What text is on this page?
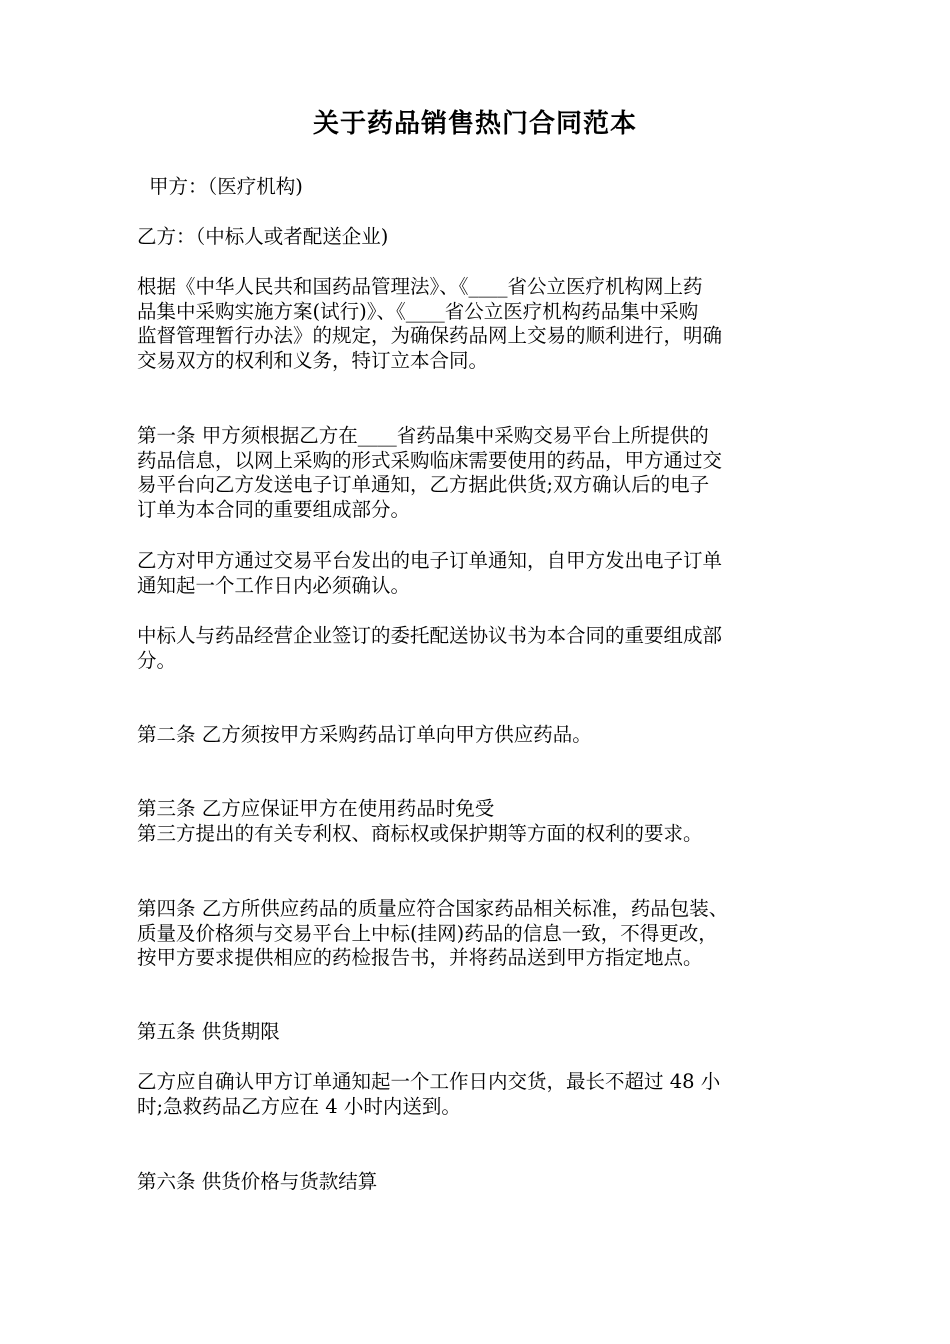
关于药品销售热门合同范本

甲方：（医疗机构)

乙方：（中标人或者配送企业)

根据《中华人民共和国药品管理法》、《____省公立医疗机构网上药
品集中采购实施方案(试行)》、《____省公立医疗机构药品集中采购
监督管理暂行办法》的规定，为确保药品网上交易的顺利进行，明确
交易双方的权利和义务，特订立本合同。

第一条 甲方须根据乙方在____省药品集中采购交易平台上所提供的
药品信息，以网上采购的形式采购临床需要使用的药品，甲方通过交
易平台向乙方发送电子订单通知，乙方据此供货;双方确认后的电子
订单为本合同的重要组成部分。

乙方对甲方通过交易平台发出的电子订单通知，自甲方发出电子订单
通知起一个工作日内必须确认。

中标人与药品经营企业签订的委托配送协议书为本合同的重要组成部
分。

第二条 乙方须按甲方采购药品订单向甲方供应药品。

第三条 乙方应保证甲方在使用药品时免受
第三方提出的有关专利权、商标权或保护期等方面的权利的要求。

第四条 乙方所供应药品的质量应符合国家药品相关标准，药品包装、
质量及价格须与交易平台上中标(挂网)药品的信息一致，不得更改，
按甲方要求提供相应的药检报告书，并将药品送到甲方指定地点。

第五条 供货期限

乙方应自确认甲方订单通知起一个工作日内交货，最长不超过 48 小
时;急救药品乙方应在 4 小时内送到。

第六条 供货价格与货款结算
